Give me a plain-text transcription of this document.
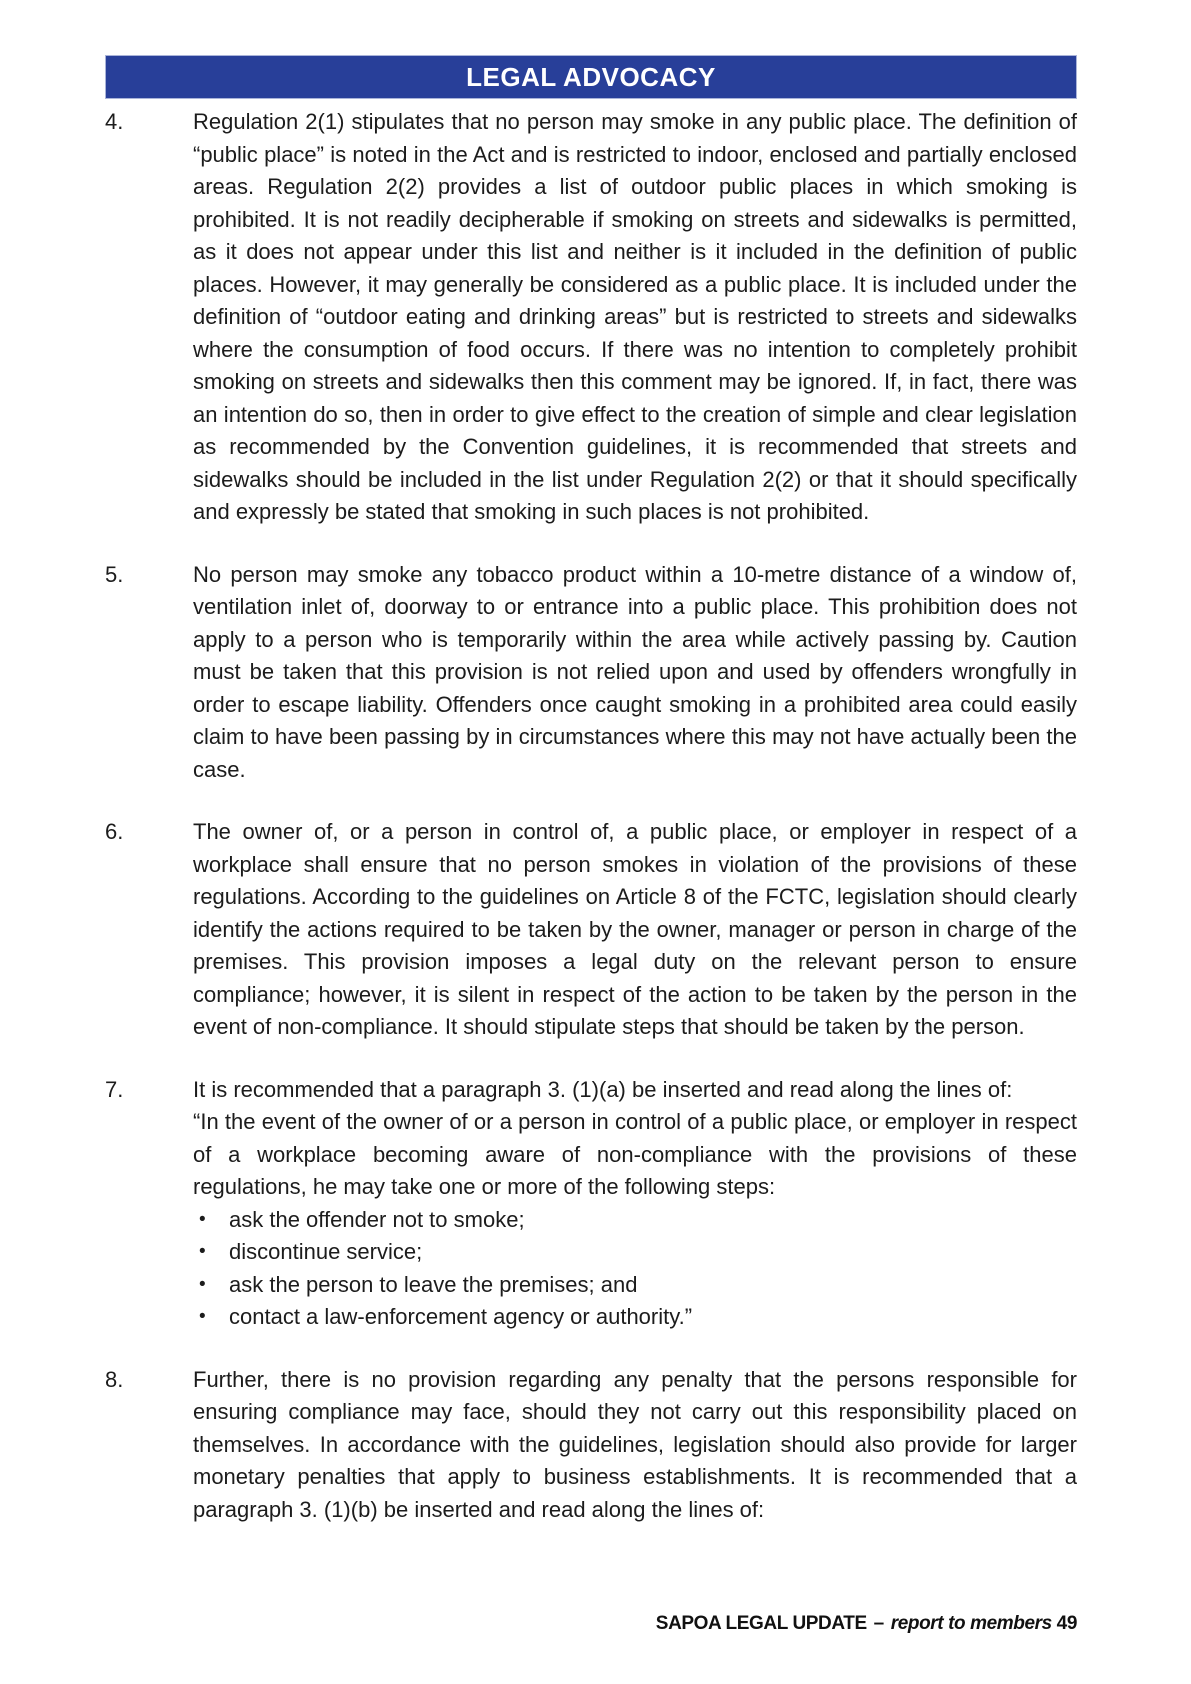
LEGAL ADVOCACY
4.	Regulation 2(1) stipulates that no person may smoke in any public place. The definition of “public place” is noted in the Act and is restricted to indoor, enclosed and partially enclosed areas. Regulation 2(2) provides a list of outdoor public places in which smoking is prohibited. It is not readily decipherable if smoking on streets and sidewalks is permitted, as it does not appear under this list and neither is it included in the definition of public places. However, it may generally be considered as a public place. It is included under the definition of “outdoor eating and drinking areas” but is restricted to streets and sidewalks where the consumption of food occurs. If there was no intention to completely prohibit smoking on streets and sidewalks then this comment may be ignored. If, in fact, there was an intention do so, then in order to give effect to the creation of simple and clear legislation as recommended by the Convention guidelines, it is recommended that streets and sidewalks should be included in the list under Regulation 2(2) or that it should specifically and expressly be stated that smoking in such places is not prohibited.
5.	No person may smoke any tobacco product within a 10-metre distance of a window of, ventilation inlet of, doorway to or entrance into a public place. This prohibition does not apply to a person who is temporarily within the area while actively passing by. Caution must be taken that this provision is not relied upon and used by offenders wrongfully in order to escape liability. Offenders once caught smoking in a prohibited area could easily claim to have been passing by in circumstances where this may not have actually been the case.
6.	The owner of, or a person in control of, a public place, or employer in respect of a workplace shall ensure that no person smokes in violation of the provisions of these regulations. According to the guidelines on Article 8 of the FCTC, legislation should clearly identify the actions required to be taken by the owner, manager or person in charge of the premises. This provision imposes a legal duty on the relevant person to ensure compliance; however, it is silent in respect of the action to be taken by the person in the event of non-compliance. It should stipulate steps that should be taken by the person.
7.	It is recommended that a paragraph 3. (1)(a) be inserted and read along the lines of:
“In the event of the owner of or a person in control of a public place, or employer in respect of a workplace becoming aware of non-compliance with the provisions of these regulations, he may take one or more of the following steps:
•	ask the offender not to smoke;
•	discontinue service;
•	ask the person to leave the premises; and
•	contact a law-enforcement agency or authority.”
8.	Further, there is no provision regarding any penalty that the persons responsible for ensuring compliance may face, should they not carry out this responsibility placed on themselves. In accordance with the guidelines, legislation should also provide for larger monetary penalties that apply to business establishments. It is recommended that a paragraph 3. (1)(b) be inserted and read along the lines of:
SAPOA LEGAL UPDATE – report to members 49
